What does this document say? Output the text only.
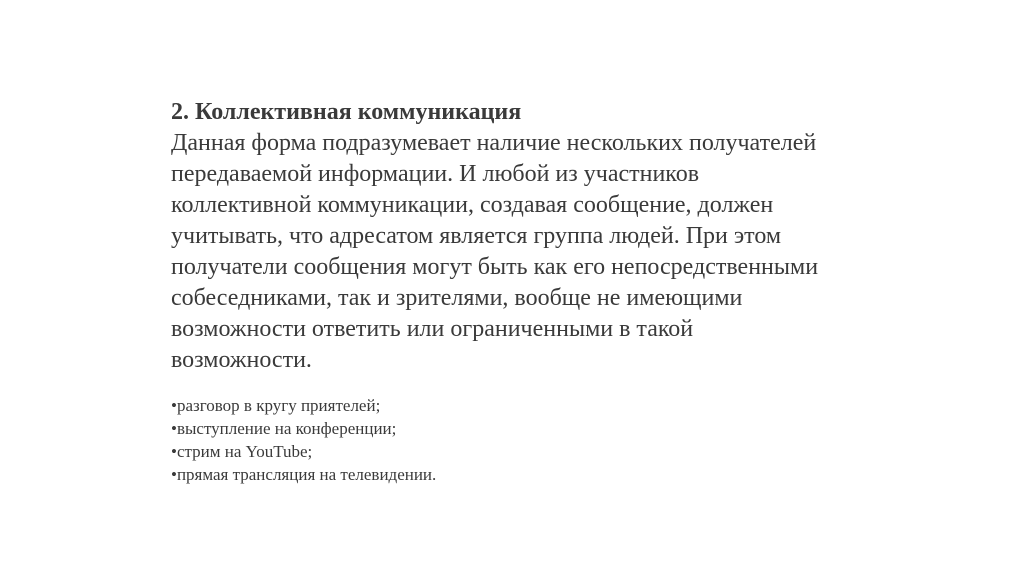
2. Коллективная коммуникация

Данная форма подразумевает наличие нескольких получателей
передаваемой информации. И любой из участников
коллективной коммуникации, создавая сообщение, должен
учитывать, что адресатом является группа людей. При этом
получатели сообщения могут быть как его непосредственными
собеседниками, так и зрителями, вообще не имеющими
возможности ответить или ограниченными в такой
возможности.

•разговор в кругу приятелей;
•выступление на конференции;
•стрим на YouTube;
•прямая трансляция на телевидении.
